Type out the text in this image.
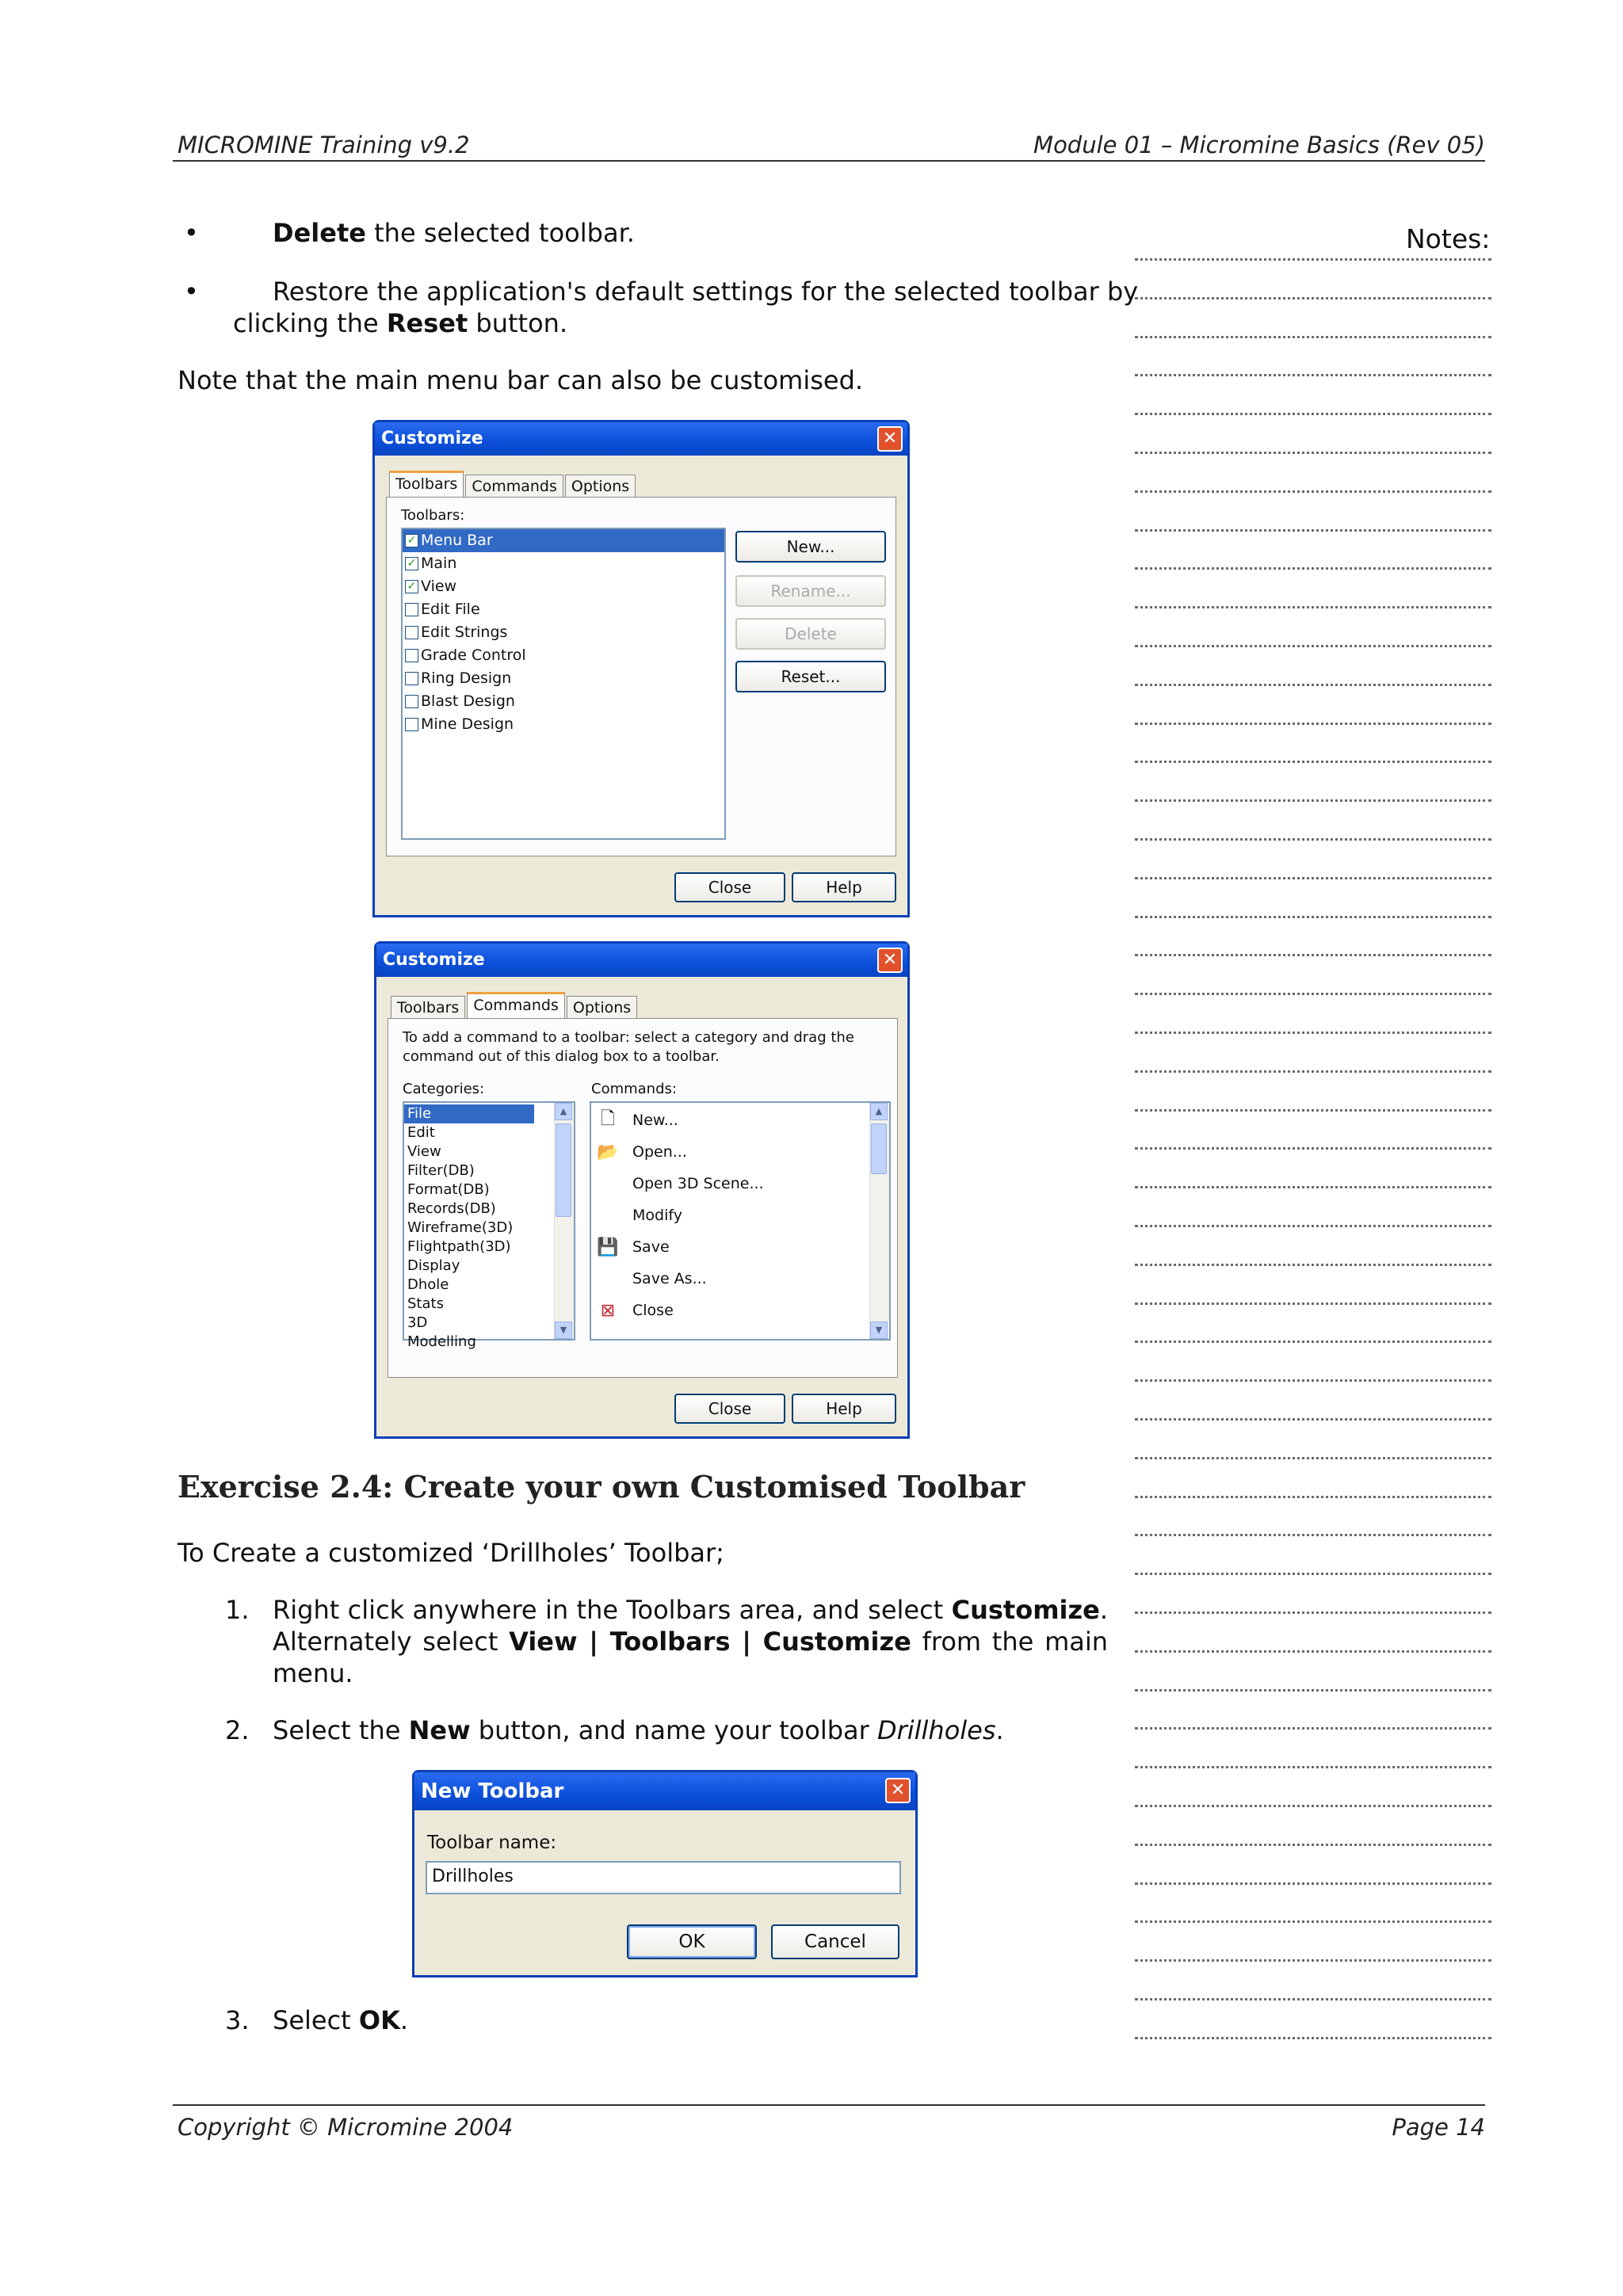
MICROMINE Training v9.2	Module 01 – Micromine Basics (Rev 05)
Notes:
•	Delete the selected toolbar.
•	Restore the application's default settings for the selected toolbar by
clicking the Reset button.
Note that the main menu bar can also be customised.
Customize	✕
Toolbars Commands Options
Toolbars:
✓ Menu Bar
✓ Main
✓ View
Edit File
Edit Strings
Grade Control
Ring Design
Blast Design
Mine Design
New...
Rename...
Delete
Reset...
Close	Help
Customize	✕
Toolbars Commands Options
To add a command to a toolbar: select a category and drag the
command out of this dialog box to a toolbar.
Categories:	Commands:
File
Edit
View
Filter(DB)
Format(DB)
Records(DB)
Wireframe(3D)
Flightpath(3D)
Display
Dhole
Stats
3D
Modelling
▲
▼
🗋	New...
📂 Open...
Open 3D Scene...
Modify
💾 Save
Save As...
⊠	Close
▲
▼
Close	Help
Exercise 2.4: Create your own Customised Toolbar
To Create a customized ‘Drillholes’ Toolbar;
1. Right click anywhere in the Toolbars area, and select Customize.
Alternately select View | Toolbars | Customize from the main
menu.
2. Select the New button, and name your toolbar Drillholes.
New Toolbar	✕
Toolbar name:
Drillholes
OK	Cancel
3. Select OK.
Copyright © Micromine 2004	Page 14
